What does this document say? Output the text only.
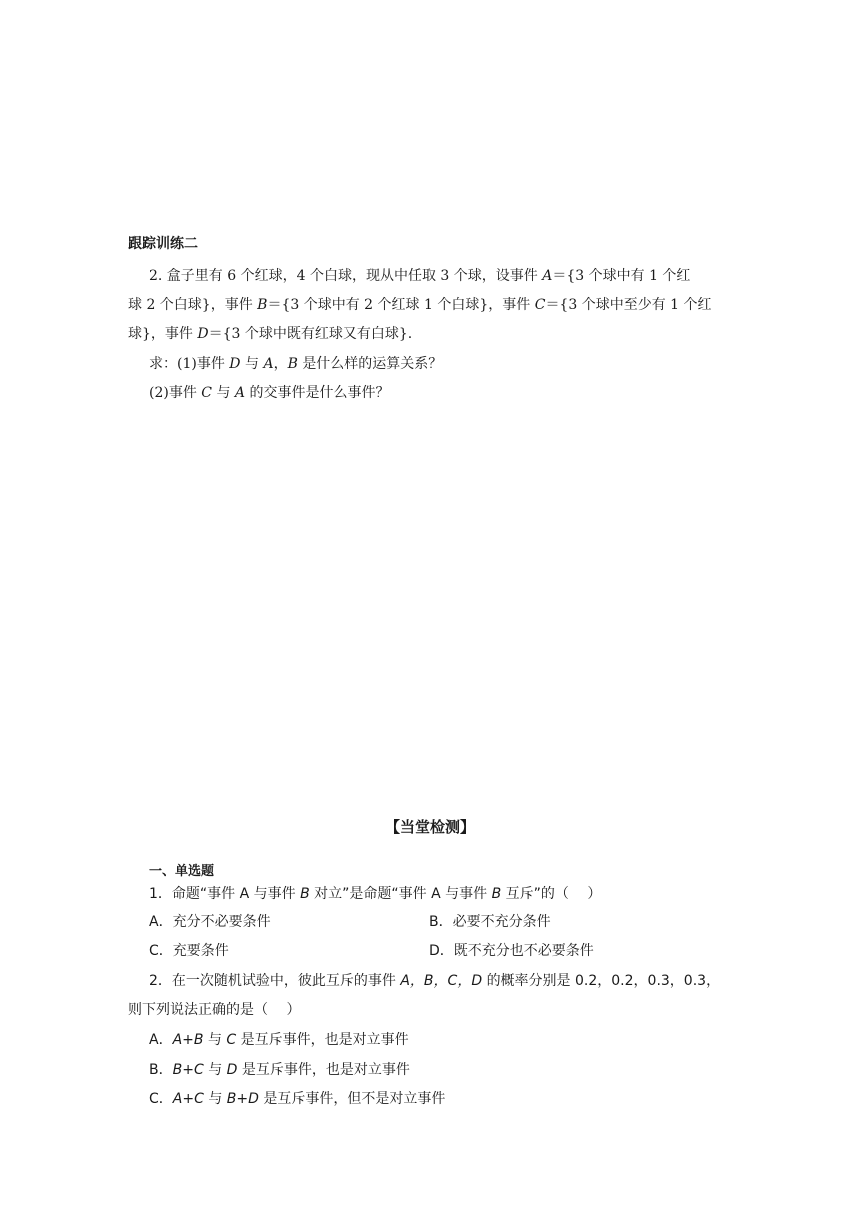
跟踪训练二
2. 盒子里有 6 个红球，4 个白球，现从中任取 3 个球，设事件 A＝{3 个球中有 1 个红
球 2 个白球}，事件 B＝{3 个球中有 2 个红球 1 个白球}，事件 C＝{3 个球中至少有 1 个红
球}，事件 D＝{3 个球中既有红球又有白球}.
求：(1)事件 D 与 A，B 是什么样的运算关系？
(2)事件 C 与 A 的交事件是什么事件？
【当堂检测】
一、单选题
1．命题“事件 A 与事件 B 对立”是命题“事件 A 与事件 B 互斥”的（　 ）
A．充分不必要条件	B．必要不充分条件
C．充要条件	D．既不充分也不必要条件
2．在一次随机试验中，彼此互斥的事件 A，B，C，D 的概率分别是 0.2，0.2，0.3，0.3，
则下列说法正确的是（　 ）
A．A+B 与 C 是互斥事件，也是对立事件
B．B+C 与 D 是互斥事件，也是对立事件
C．A+C 与 B+D 是互斥事件，但不是对立事件
